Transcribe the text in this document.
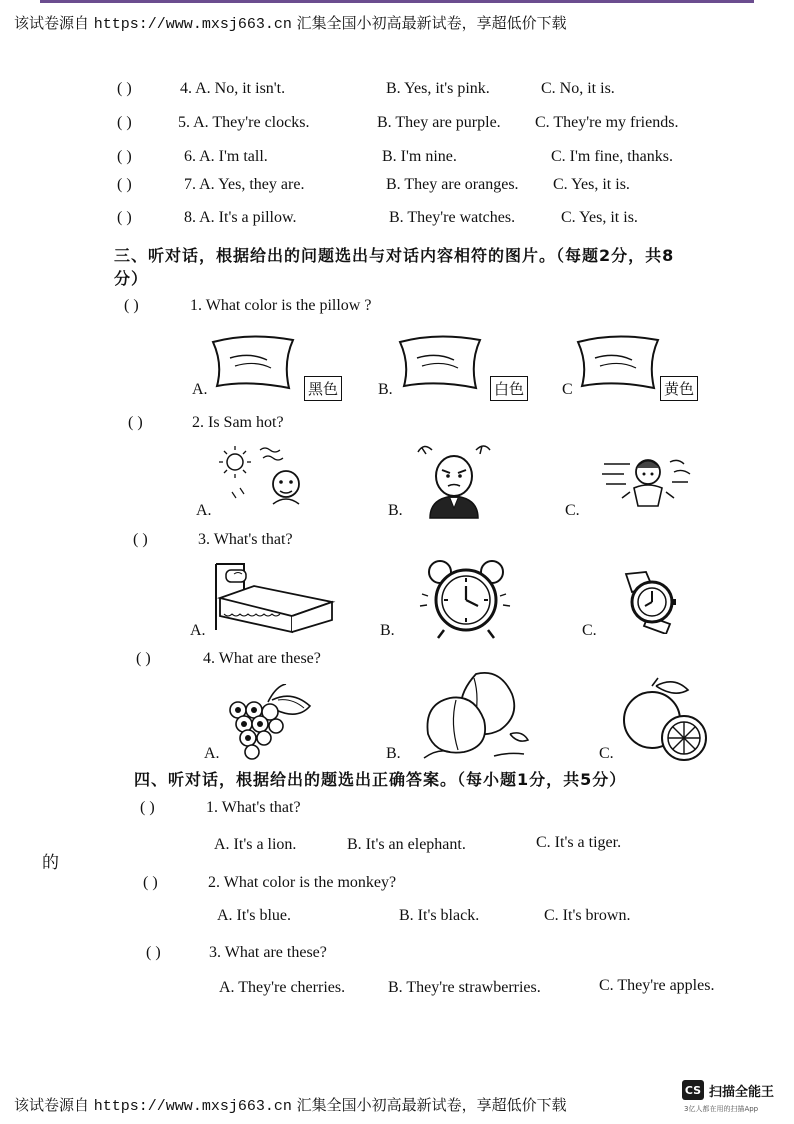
该试卷源自 https://www.mxsj663.cn 汇集全国小初高最新试卷，享超低价下载
( )	4. A. No, it isn't.	B. Yes, it's pink.	C. No, it is.
( )	5. A. They're clocks.	B. They are purple. C. They're my friends.
( )	6. A. I'm tall.	B. I'm nine.	C. I'm fine, thanks.
( )	7. A. Yes, they are.	B. They are oranges. C. Yes, it is.
( )	8. A. It's a pillow.	B. They're watches.	C. Yes, it is.
三、听对话，根据给出的问题选出与对话内容相符的图片。（每题2分，共8
分）
( )	1. What color is the pillow ?
A.	黑色 B.	白色 C	黄色
( )	2. Is Sam hot?
A.	B.	C.
( )	3. What's that?
A.	B.	C.
( )	4. What are these?
A.	B.	C.
四、听对话，根据给出的题选出正确答案。（每小题1分，共5分）
( )	1. What's that?
A. It's a lion.	B. It's an elephant.	C. It's a tiger.
的
( )	2. What color is the monkey?
A. It's blue.	B. It's black.	C. It's brown.
( )	3. What are these?
A. They're cherries.	B. They're strawberries.	C. They're apples.
该试卷源自 https://www.mxsj663.cn 汇集全国小初高最新试卷，享超低价下载
CS 扫描全能王
3亿人都在用的扫描App
